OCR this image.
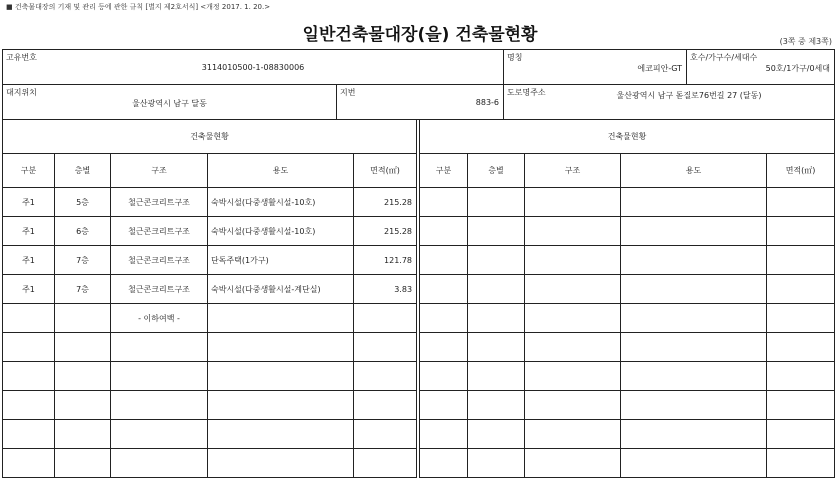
■ 건축물대장의 기재 및 관리 등에 관한 규칙 [별지 제2호서식] <개정 2017. 1. 20.>
일반건축물대장(을) 건축물현황	(3쪽 중 제3쪽)
고유번호
3114010500-1-08830006		명칭
에코피안-GT	호수/가구수/세대수
50호/1가구/0세대

대지위치
울산광역시 남구 달동	지번
883-6	도로명주소 울산광역시 남구 돋질로76번길 27 (달동)	
건축물현황						건축물현황				
구분	층별	구조	용도	면적(㎡)		구분	층별	구조	용도	면적(㎡)
주1	5층	철근콘크리트구조	숙박시설(다중생활시설-10호)	215.28						
주1	6층	철근콘크리트구조	숙박시설(다중생활시설-10호)	215.28						
주1	7층	철근콘크리트구조	단독주택(1가구)	121.78						
주1	7층	철근콘크리트구조	숙박시설(다중생활시설-계단실)	3.83						
		- 이하여백 -								
